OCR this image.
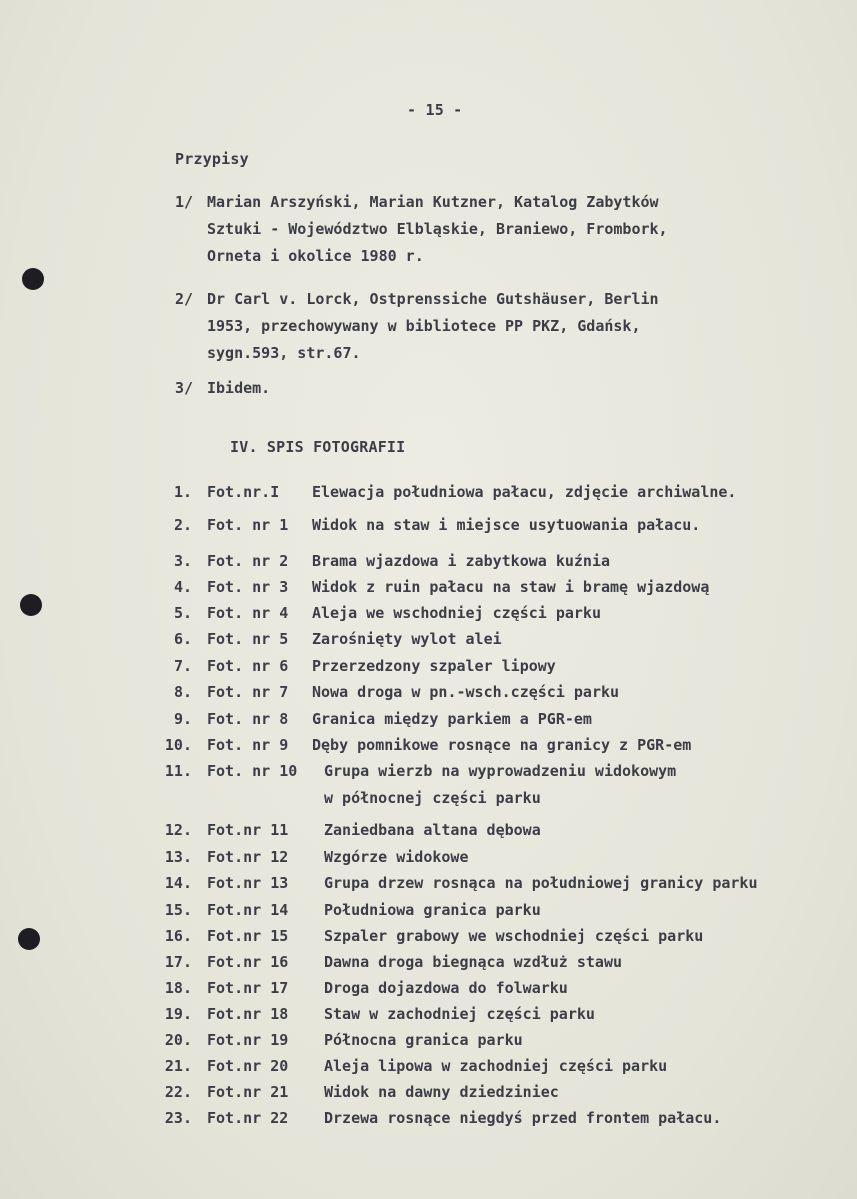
- 15 -
Przypisy
1/ Marian Arszyński, Marian Kutzner, Katalog Zabytków
Sztuki - Województwo Elbląskie, Braniewo, Frombork,
Orneta i okolice 1980 r.
2/ Dr Carl v. Lorck, Ostprenssiche Gutshäuser, Berlin
1953, przechowywany w bibliotece PP PKZ, Gdańsk,
sygn.593, str.67.
3/ Ibidem.
IV. SPIS FOTOGRAFII
1. Fot.nr.I Elewacja południowa pałacu, zdjęcie archiwalne.
2. Fot. nr 1 Widok na staw i miejsce usytuowania pałacu.
3. Fot. nr 2 Brama wjazdowa i zabytkowa kuźnia
4. Fot. nr 3 Widok z ruin pałacu na staw i bramę wjazdową
5. Fot. nr 4 Aleja we wschodniej części parku
6. Fot. nr 5 Zarośnięty wylot alei
7. Fot. nr 6 Przerzedzony szpaler lipowy
8. Fot. nr 7 Nowa droga w pn.-wsch.części parku
9. Fot. nr 8 Granica między parkiem a PGR-em
10. Fot. nr 9 Dęby pomnikowe rosnące na granicy z PGR-em
11. Fot. nr 10 Grupa wierzb na wyprowadzeniu widokowym
w północnej części parku
12. Fot.nr 11 Zaniedbana altana dębowa
13. Fot.nr 12 Wzgórze widokowe
14. Fot.nr 13 Grupa drzew rosnąca na południowej granicy parku
15. Fot.nr 14 Południowa granica parku
16. Fot.nr 15 Szpaler grabowy we wschodniej części parku
17. Fot.nr 16 Dawna droga biegnąca wzdłuż stawu
18. Fot.nr 17 Droga dojazdowa do folwarku
19. Fot.nr 18 Staw w zachodniej części parku
20. Fot.nr 19 Północna granica parku
21. Fot.nr 20 Aleja lipowa w zachodniej części parku
22. Fot.nr 21 Widok na dawny dziedziniec
23. Fot.nr 22 Drzewa rosnące niegdyś przed frontem pałacu.
